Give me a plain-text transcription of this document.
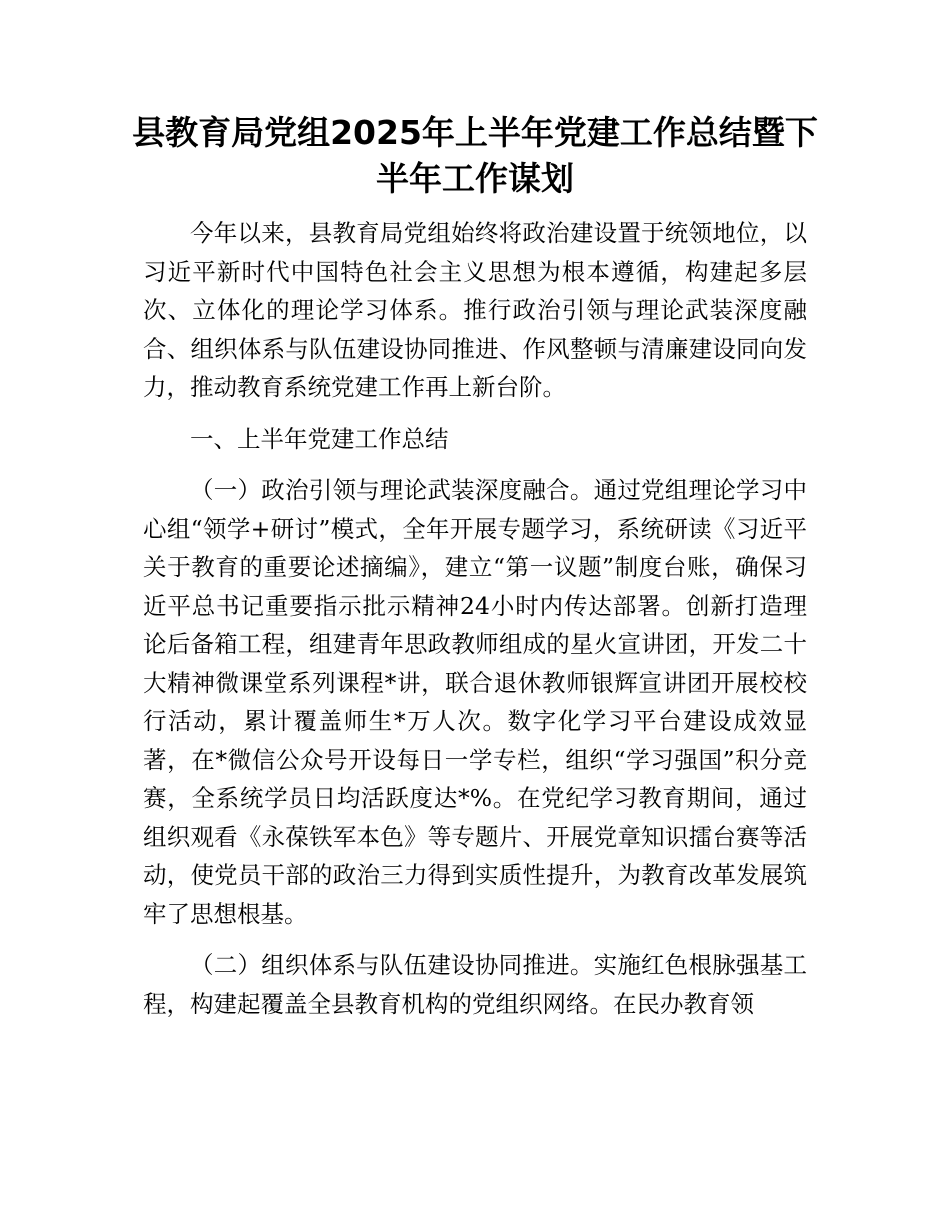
县教育局党组2025年上半年党建工作总结暨下半年工作谋划

今年以来，县教育局党组始终将政治建设置于统领地位，以习近平新时代中国特色社会主义思想为根本遵循，构建起多层次、立体化的理论学习体系。推行政治引领与理论武装深度融合、组织体系与队伍建设协同推进、作风整顿与清廉建设同向发力，推动教育系统党建工作再上新台阶。

一、上半年党建工作总结

（一）政治引领与理论武装深度融合。通过党组理论学习中心组“领学+研讨”模式，全年开展专题学习，系统研读《习近平关于教育的重要论述摘编》，建立“第一议题”制度台账，确保习近平总书记重要指示批示精神24小时内传达部署。创新打造理论后备箱工程，组建青年思政教师组成的星火宣讲团，开发二十大精神微课堂系列课程*讲，联合退休教师银辉宣讲团开展校校行活动，累计覆盖师生*万人次。数字化学习平台建设成效显著，在*微信公众号开设每日一学专栏，组织“学习强国”积分竞赛，全系统学员日均活跃度达*%。在党纪学习教育期间，通过组织观看《永葆铁军本色》等专题片、开展党章知识擂台赛等活动，使党员干部的政治三力得到实质性提升，为教育改革发展筑牢了思想根基。

（二）组织体系与队伍建设协同推进。实施红色根脉强基工程，构建起覆盖全县教育机构的党组织网络。在民办教育领
